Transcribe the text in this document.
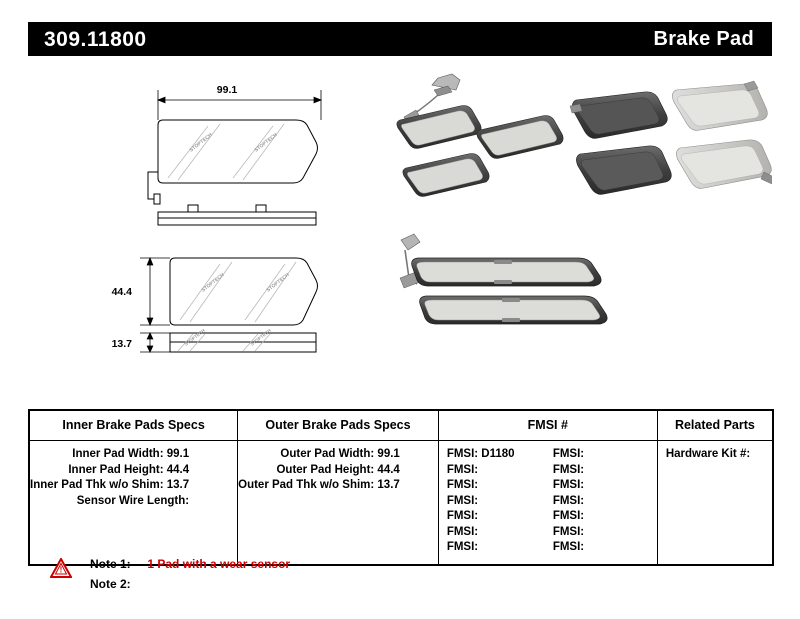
309.11800	Brake Pad
99.1
STOPTECH	STOPTECH
44.4	STOPTECH	STOPTECH
13.7	STOPTECH	STOPTECH
Inner Brake Pads Specs	Outer Brake Pads Specs	FMSI #	Related Parts

Inner Pad Width: 99.1
Inner Pad Height: 44.4
Inner Pad Thk w/o Shim: 13.7
Sensor Wire Length:

Outer Pad Width: 99.1
Outer Pad Height: 44.4
Outer Pad Thk w/o Shim: 13.7

FMSI: D1180	FMSI:
FMSI:	FMSI:
FMSI:	FMSI:
FMSI:	FMSI:
FMSI:	FMSI:
FMSI:	FMSI:
FMSI:	FMSI:

Hardware Kit #:
! Note 1: 1 Pad with a wear sensor
Note 2:
